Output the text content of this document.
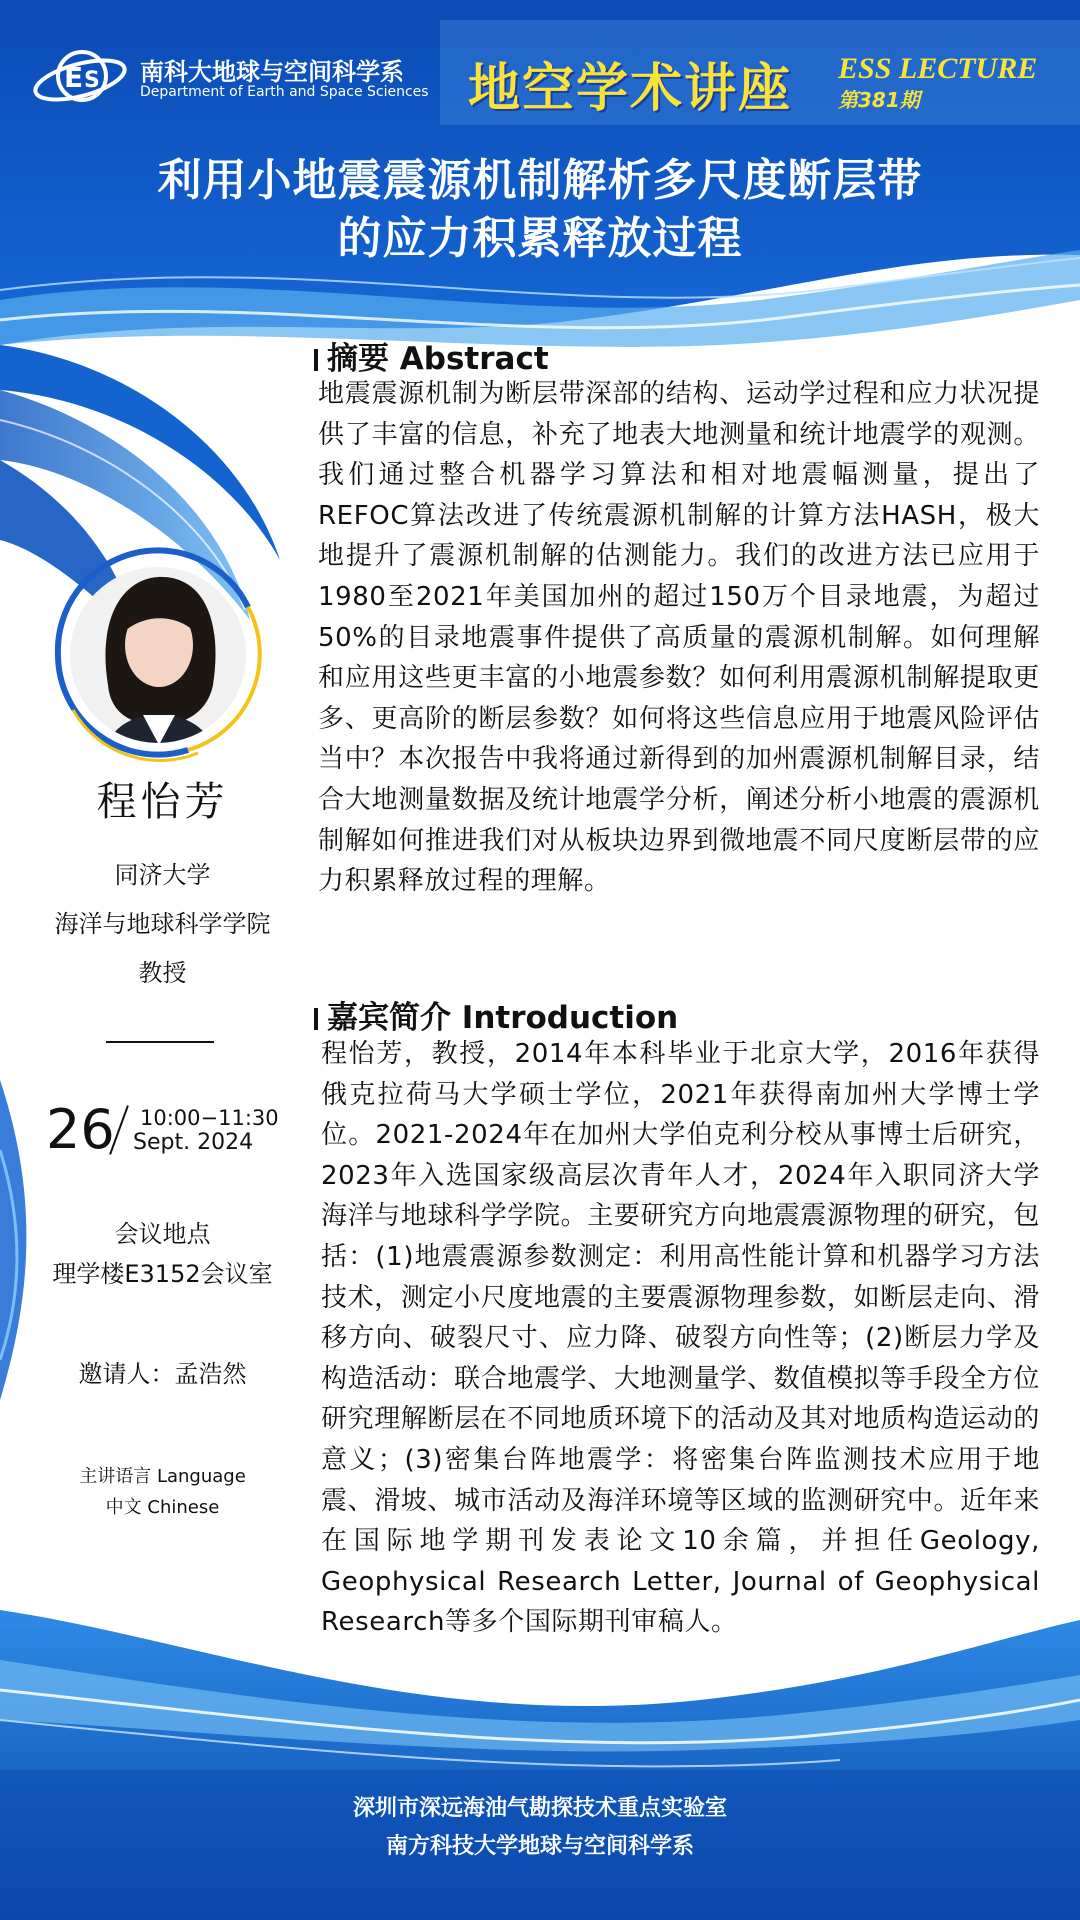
E S 南科大地球与空间科学系
Department of Earth and Space Sciences 地空学术讲座 ESS LECTURE
第381期
利用小地震震源机制解析多尺度断层带
的应力积累释放过程
程怡芳
同济大学
海洋与地球科学学院
教授
26 10:00−11:30
Sept. 2024
会议地点
理学楼E3152会议室
邀请人：孟浩然
主讲语言 Language
中文 Chinese
摘要 Abstract
地震震源机制为断层带深部的结构、运动学过程和应力状况提供了丰富的信息，补充了地表大地测量和统计地震学的观测。我们通过整合机器学习算法和相对地震幅测量，提出了REFOC算法改进了传统震源机制解的计算方法HASH，极大地提升了震源机制解的估测能力。我们的改进方法已应用于1980至2021年美国加州的超过150万个目录地震，为超过50%的目录地震事件提供了高质量的震源机制解。如何理解和应用这些更丰富的小地震参数？如何利用震源机制解提取更多、更高阶的断层参数？如何将这些信息应用于地震风险评估当中？本次报告中我将通过新得到的加州震源机制解目录，结合大地测量数据及统计地震学分析，阐述分析小地震的震源机制解如何推进我们对从板块边界到微地震不同尺度断层带的应力积累释放过程的理解。
嘉宾简介 Introduction
程怡芳，教授，2014年本科毕业于北京大学，2016年获得俄克拉荷马大学硕士学位，2021年获得南加州大学博士学位。2021-2024年在加州大学伯克利分校从事博士后研究，2023年入选国家级高层次青年人才，2024年入职同济大学海洋与地球科学学院。主要研究方向地震震源物理的研究，包括：(1)地震震源参数测定：利用高性能计算和机器学习方法技术，测定小尺度地震的主要震源物理参数，如断层走向、滑移方向、破裂尺寸、应力降、破裂方向性等；(2)断层力学及构造活动：联合地震学、大地测量学、数值模拟等手段全方位研究理解断层在不同地质环境下的活动及其对地质构造运动的意义；(3)密集台阵地震学：将密集台阵监测技术应用于地震、滑坡、城市活动及海洋环境等区域的监测研究中。近年来在国际地学期刊发表论文10余篇，并担任Geology, Geophysical Research Letter, Journal of Geophysical Research等多个国际期刊审稿人。
深圳市深远海油气勘探技术重点实验室
南方科技大学地球与空间科学系
